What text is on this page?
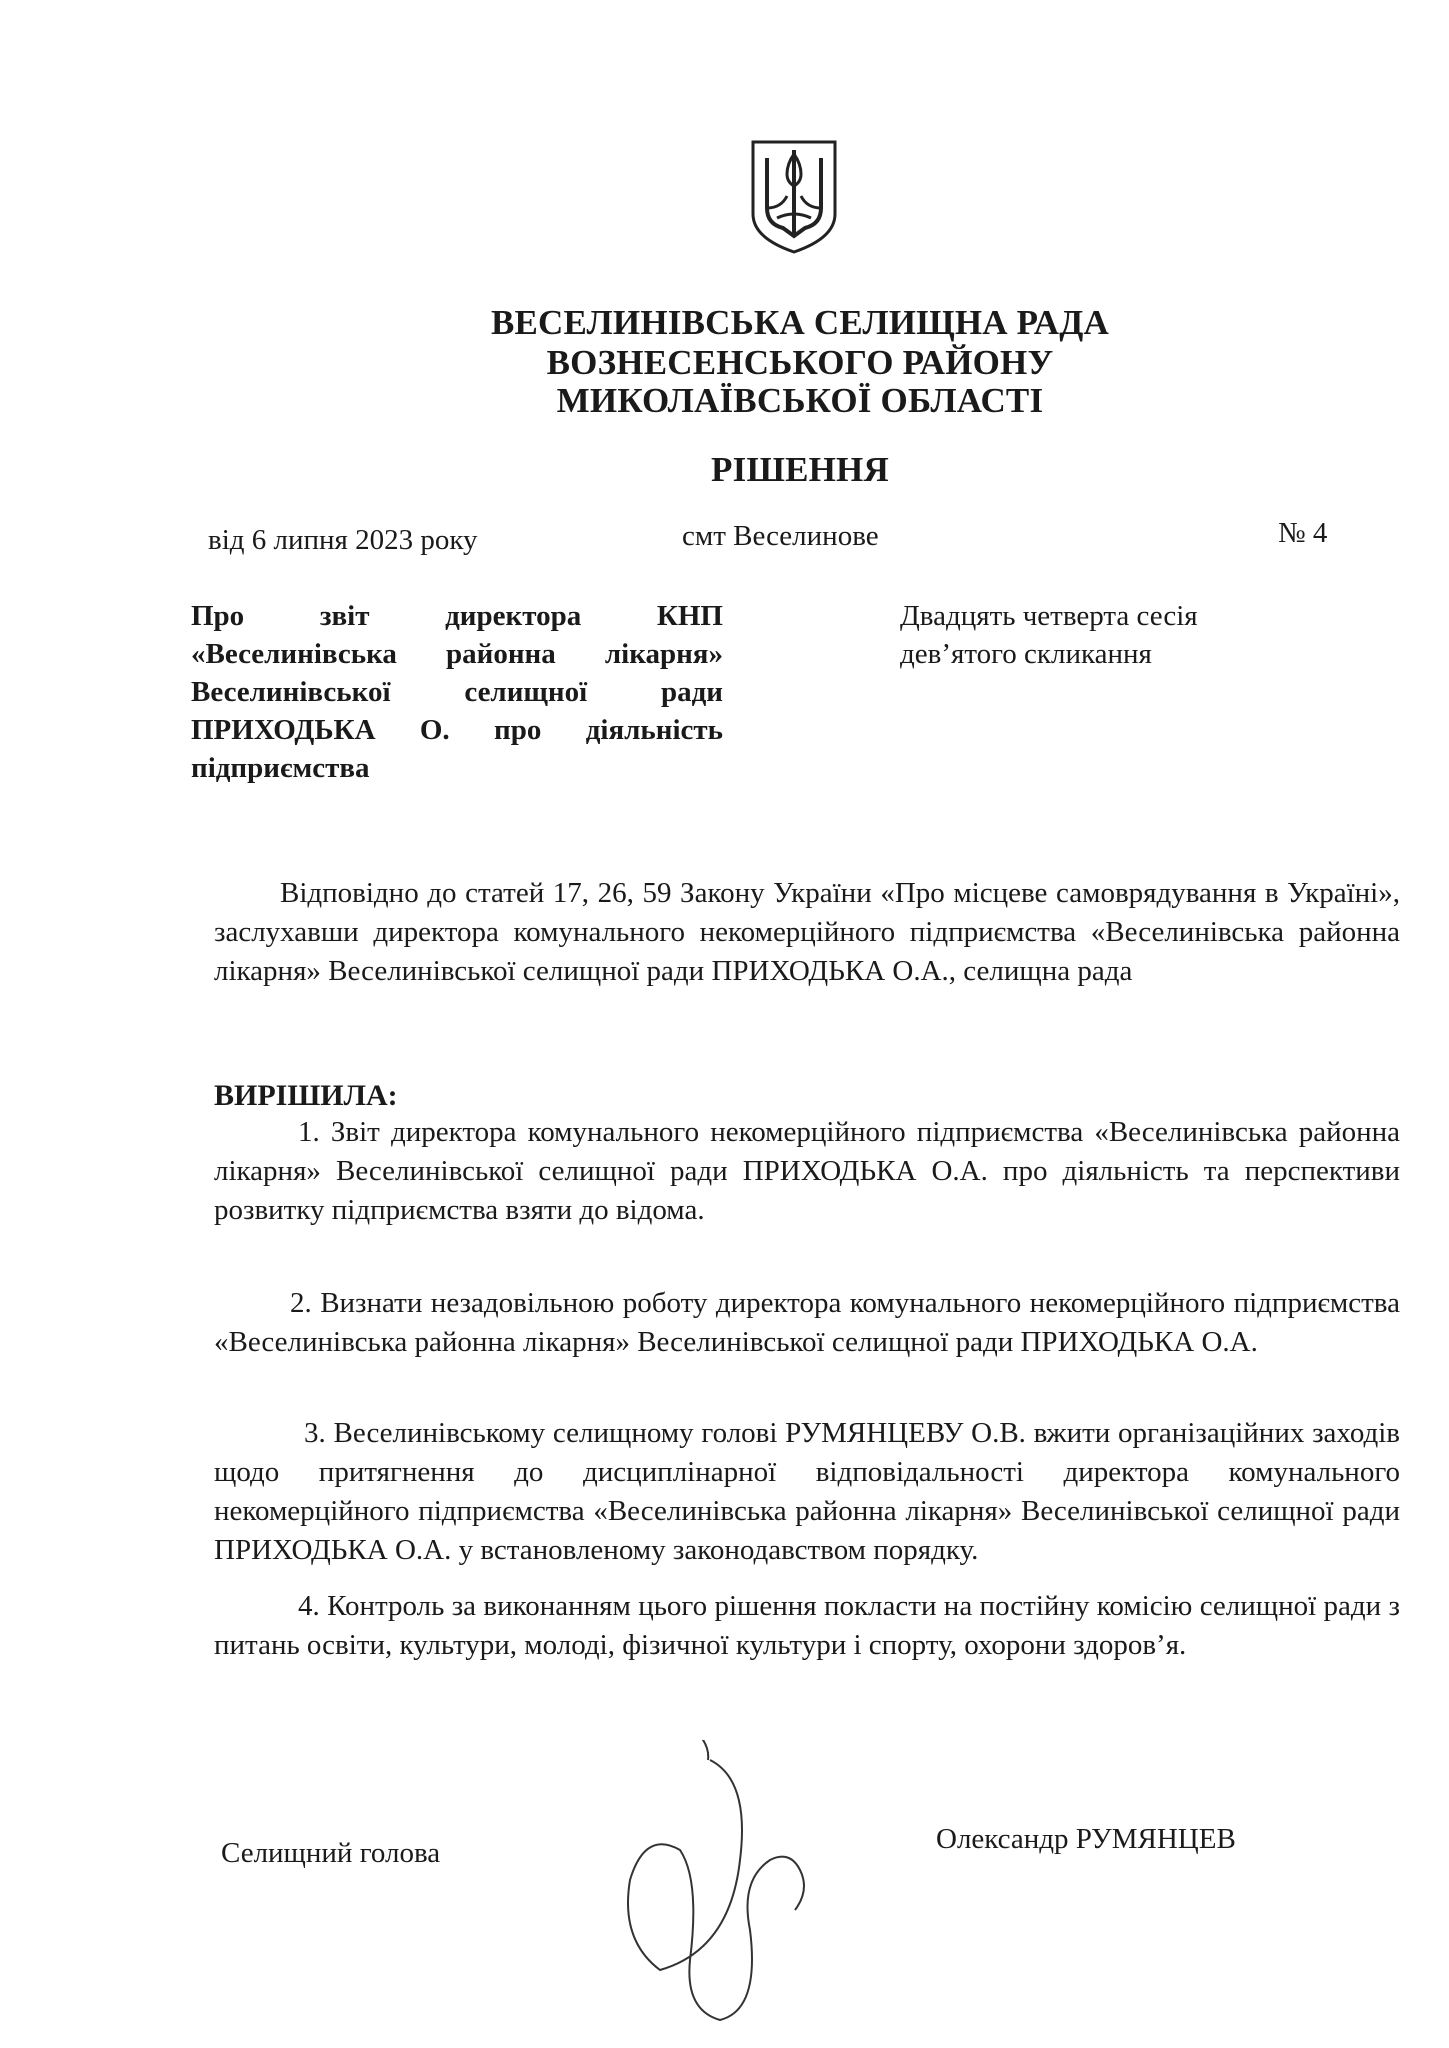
ВЕСЕЛИНІВСЬКА СЕЛИЩНА РАДА
ВОЗНЕСЕНСЬКОГО РАЙОНУ
МИКОЛАЇВСЬКОЇ ОБЛАСТІ
РІШЕННЯ
від 6 липня 2023 року	смт Веселинове	№ 4
Про звіт директора КНП «Веселинівська районна лікарня» Веселинівської селищної ради ПРИХОДЬКА О. про діяльність підприємства
Двадцять четверта сесія
дев’ятого скликання
Відповідно до статей 17, 26, 59 Закону України «Про місцеве самоврядування в Україні», заслухавши директора комунального некомерційного підприємства «Веселинівська районна лікарня» Веселинівської селищної ради ПРИХОДЬКА О.А., селищна рада
ВИРІШИЛА:
1. Звіт директора комунального некомерційного підприємства «Веселинівська районна лікарня» Веселинівської селищної ради ПРИХОДЬКА О.А. про діяльність та перспективи розвитку підприємства взяти до відома.
2. Визнати незадовільною роботу директора комунального некомерційного підприємства «Веселинівська районна лікарня» Веселинівської селищної ради ПРИХОДЬКА О.А.
3. Веселинівському селищному голові РУМЯНЦЕВУ О.В. вжити організаційних заходів щодо притягнення до дисциплінарної відповідальності директора комунального некомерційного підприємства «Веселинівська районна лікарня» Веселинівської селищної ради ПРИХОДЬКА О.А. у встановленому законодавством порядку.
4. Контроль за виконанням цього рішення покласти на постійну комісію селищної ради з питань освіти, культури, молоді, фізичної культури і спорту, охорони здоров’я.
Селищний голова	Олександр РУМЯНЦЕВ
